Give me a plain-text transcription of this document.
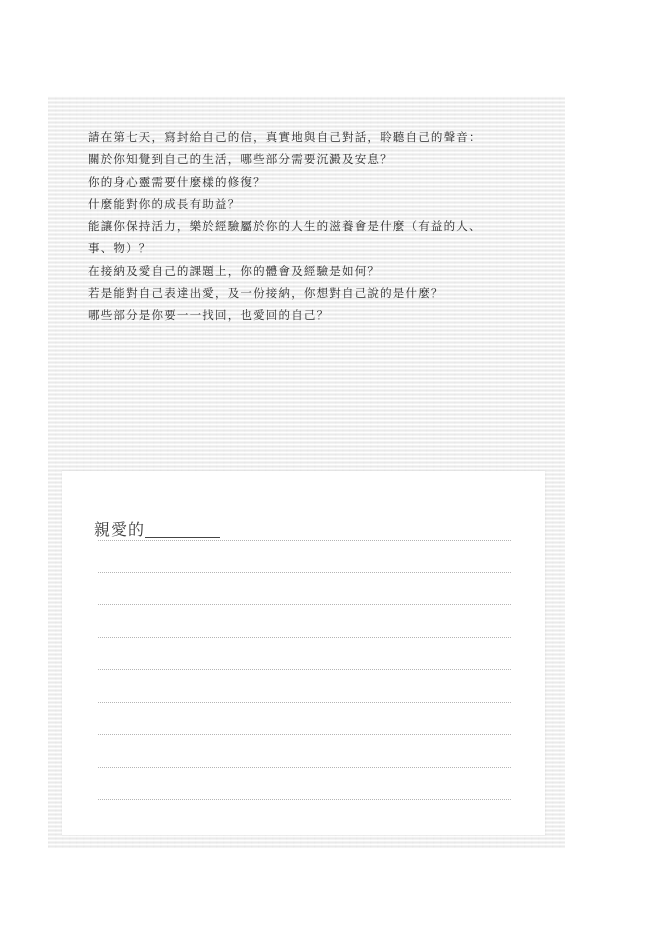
請在第七天，寫封給自己的信，真實地與自己對話，聆聽自己的聲音：
關於你知覺到自己的生活，哪些部分需要沉澱及安息？
你的身心靈需要什麼樣的修復？
什麼能對你的成長有助益？
能讓你保持活力，樂於經驗屬於你的人生的滋養會是什麼（有益的人、
事、物）？
在接納及愛自己的課題上，你的體會及經驗是如何？
若是能對自己表達出愛，及一份接納，你想對自己說的是什麼？
哪些部分是你要一一找回，也愛回的自己？
親愛的
